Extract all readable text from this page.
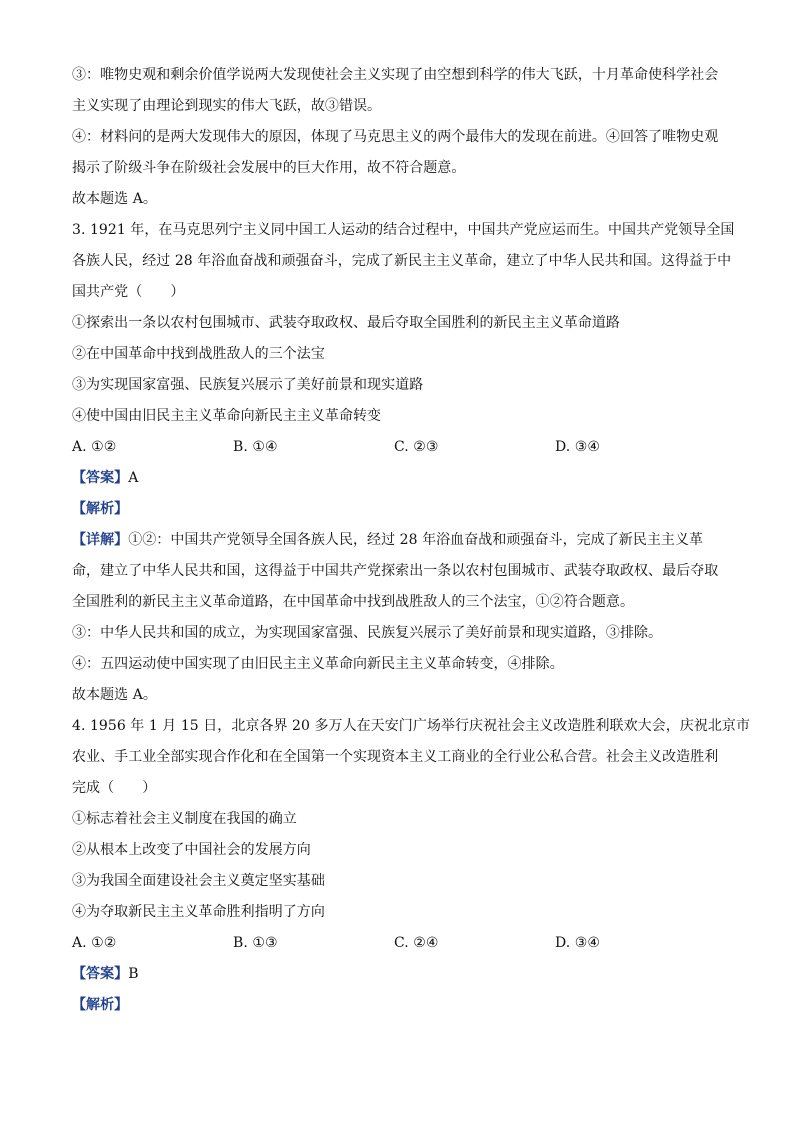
③：唯物史观和剩余价值学说两大发现使社会主义实现了由空想到科学的伟大飞跃，十月革命使科学社会
主义实现了由理论到现实的伟大飞跃，故③错误。
④：材料问的是两大发现伟大的原因，体现了马克思主义的两个最伟大的发现在前进。④回答了唯物史观
揭示了阶级斗争在阶级社会发展中的巨大作用，故不符合题意。
故本题选 A。
3. 1921 年，在马克思列宁主义同中国工人运动的结合过程中，中国共产党应运而生。中国共产党领导全国
各族人民，经过 28 年浴血奋战和顽强奋斗，完成了新民主主义革命，建立了中华人民共和国。这得益于中
国共产党（　　）
①探索出一条以农村包围城市、武装夺取政权、最后夺取全国胜利的新民主主义革命道路
②在中国革命中找到战胜敌人的三个法宝
③为实现国家富强、民族复兴展示了美好前景和现实道路
④使中国由旧民主主义革命向新民主主义革命转变
A. ①②	B. ①④	C. ②③	D. ③④
【答案】A
【解析】
【详解】①②：中国共产党领导全国各族人民，经过 28 年浴血奋战和顽强奋斗，完成了新民主主义革
命，建立了中华人民共和国，这得益于中国共产党探索出一条以农村包围城市、武装夺取政权、最后夺取
全国胜利的新民主主义革命道路，在中国革命中找到战胜敌人的三个法宝，①②符合题意。
③：中华人民共和国的成立，为实现国家富强、民族复兴展示了美好前景和现实道路，③排除。
④：五四运动使中国实现了由旧民主主义革命向新民主主义革命转变，④排除。
故本题选 A。
4. 1956 年 1 月 15 日，北京各界 20 多万人在天安门广场举行庆祝社会主义改造胜利联欢大会，庆祝北京市
农业、手工业全部实现合作化和在全国第一个实现资本主义工商业的全行业公私合营。社会主义改造胜利
完成（　　）
①标志着社会主义制度在我国的确立
②从根本上改变了中国社会的发展方向
③为我国全面建设社会主义奠定坚实基础
④为夺取新民主主义革命胜利指明了方向
A. ①②	B. ①③	C. ②④	D. ③④
【答案】B
【解析】
